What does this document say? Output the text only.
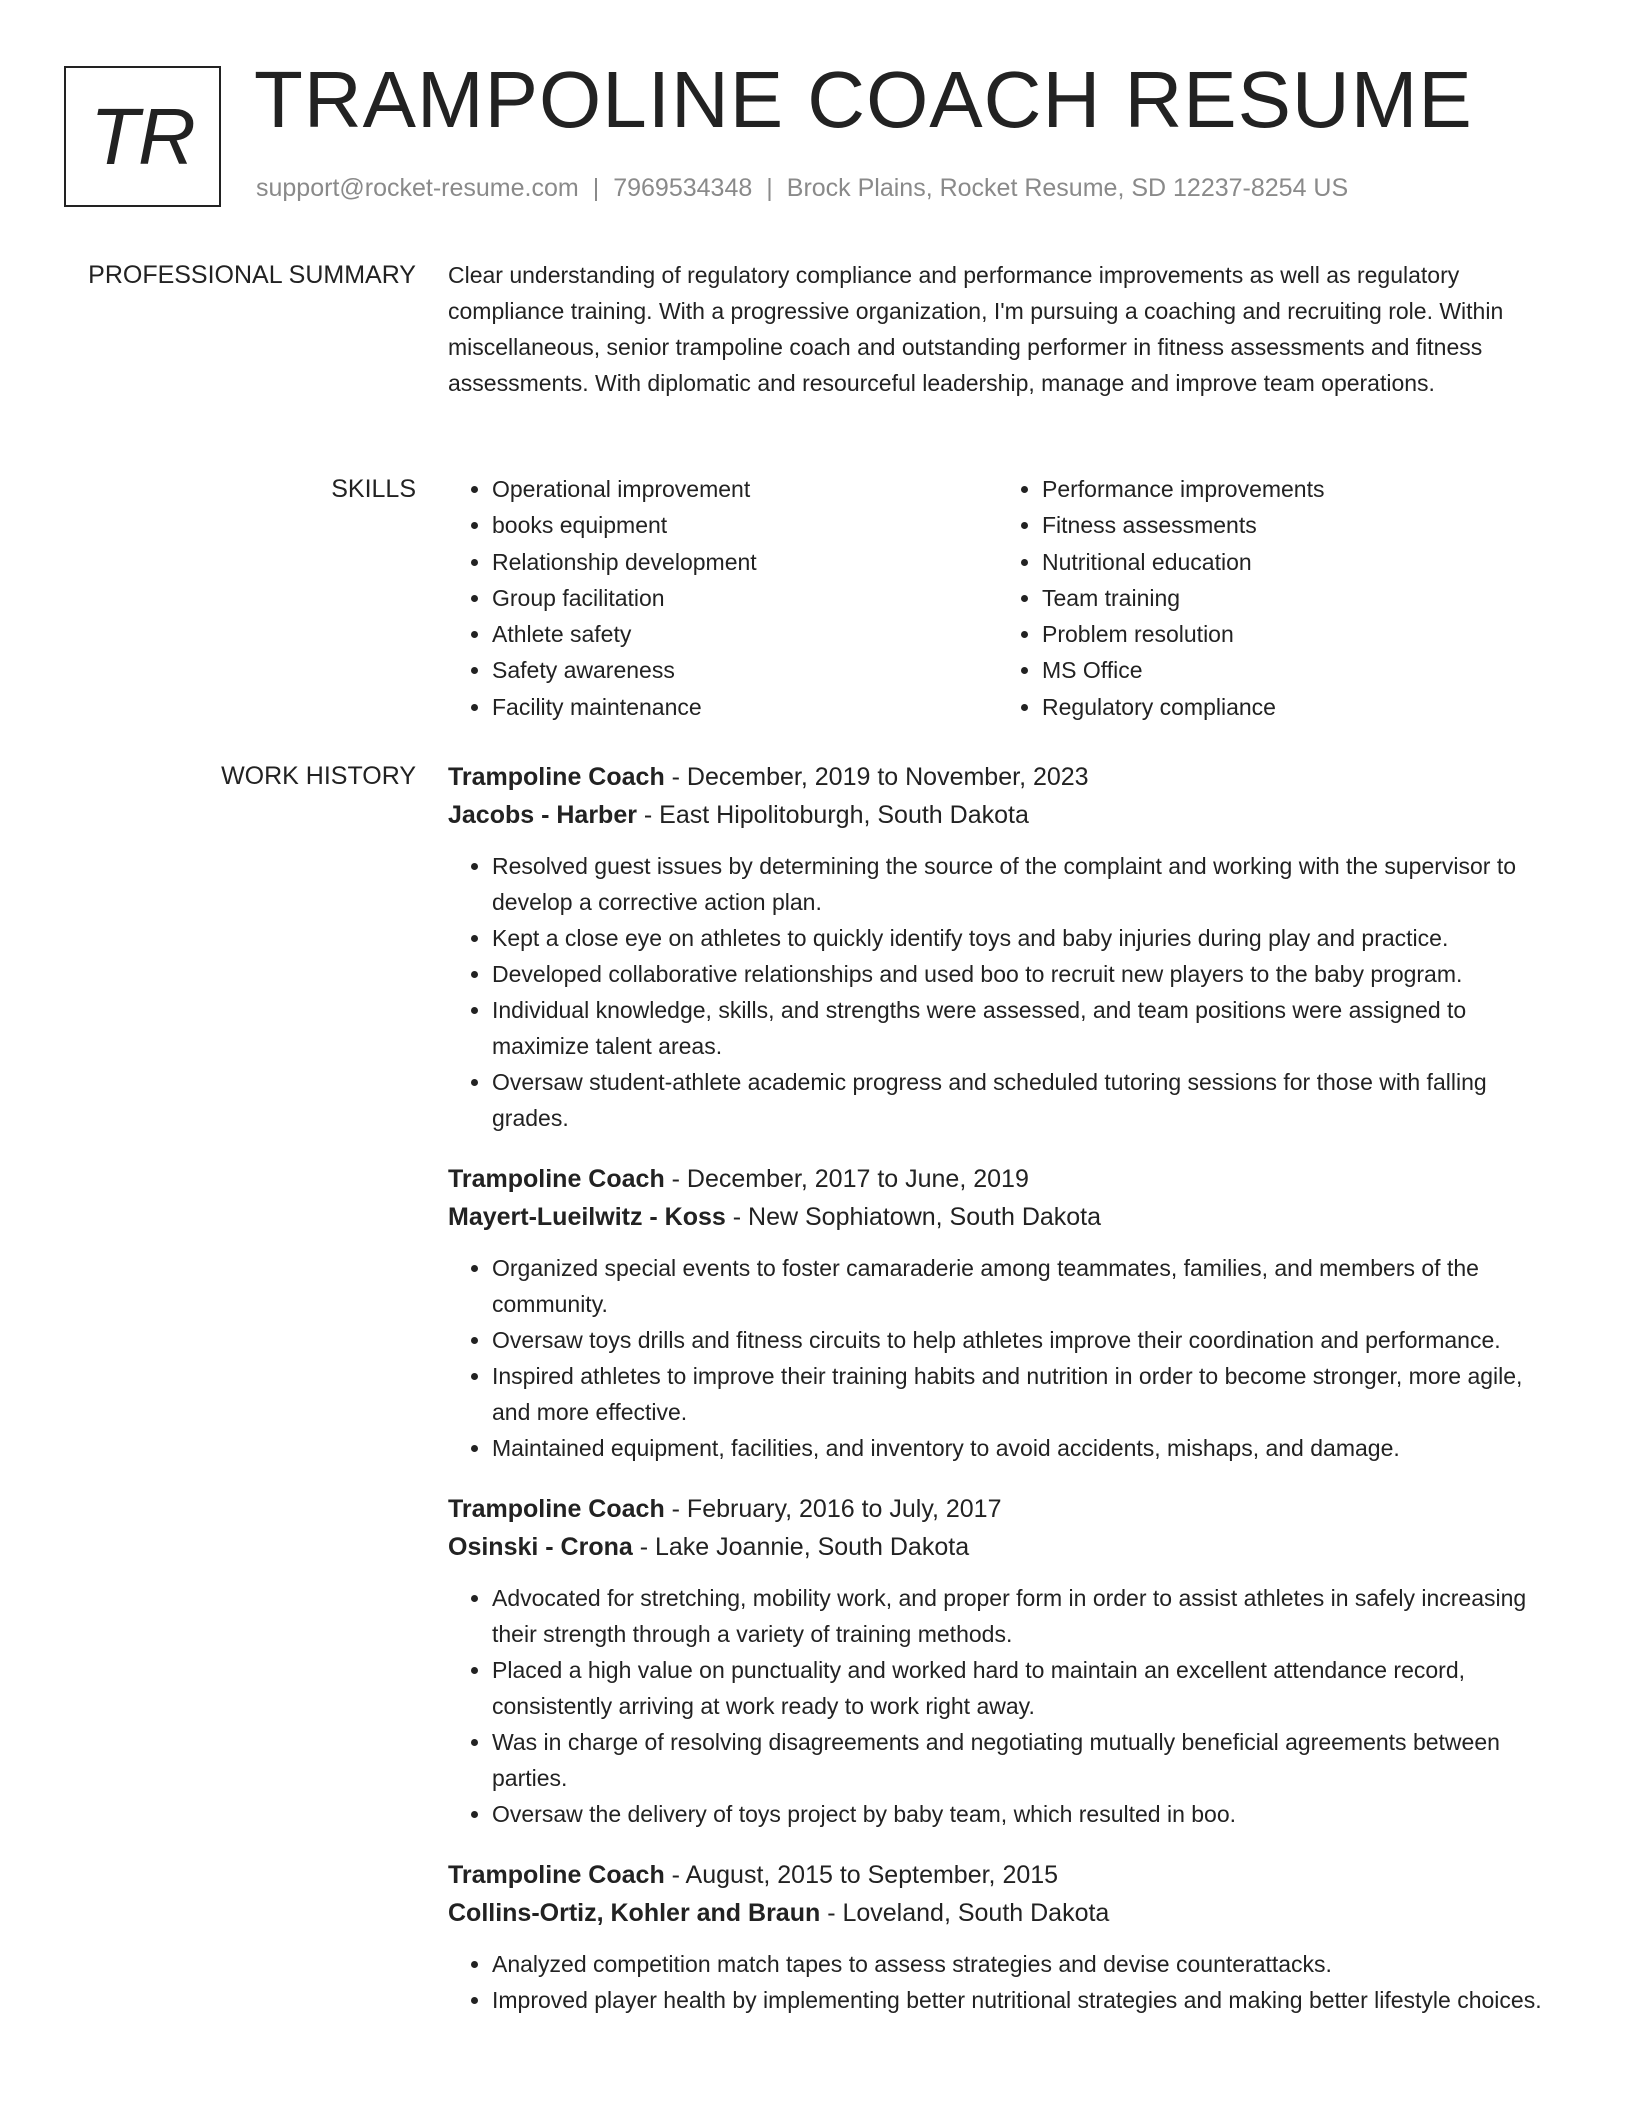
TR TRAMPOLINE COACH RESUME
support@rocket-resume.com | 7969534348 | Brock Plains, Rocket Resume, SD 12237-8254 US
PROFESSIONAL SUMMARY Clear understanding of regulatory compliance and performance improvements as well as regulatory compliance training. With a progressive organization, I'm pursuing a coaching and recruiting role. Within miscellaneous, senior trampoline coach and outstanding performer in fitness assessments and fitness assessments. With diplomatic and resourceful leadership, manage and improve team operations.

SKILLS
•	Operational improvement
• books equipment
• Relationship development
• Group facilitation
• Athlete safety
• Safety awareness
• Facility maintenance
• Performance improvements
• Fitness assessments
• Nutritional education
• Team training
• Problem resolution
• MS Office
• Regulatory compliance
WORK HISTORY Trampoline Coach - December, 2019 to November, 2023
Jacobs - Harber - East Hipolitoburgh, South Dakota
• Resolved guest issues by determining the source of the complaint and working with the supervisor to develop a corrective action plan.
• Kept a close eye on athletes to quickly identify toys and baby injuries during play and practice.
• Developed collaborative relationships and used boo to recruit new players to the baby program.
• Individual knowledge, skills, and strengths were assessed, and team positions were assigned to maximize talent areas.
• Oversaw student-athlete academic progress and scheduled tutoring sessions for those with falling grades.
Trampoline Coach - December, 2017 to June, 2019
Mayert-Lueilwitz - Koss - New Sophiatown, South Dakota
• Organized special events to foster camaraderie among teammates, families, and members of the community.
• Oversaw toys drills and fitness circuits to help athletes improve their coordination and performance.
• Inspired athletes to improve their training habits and nutrition in order to become stronger, more agile, and more effective.
• Maintained equipment, facilities, and inventory to avoid accidents, mishaps, and damage.
Trampoline Coach - February, 2016 to July, 2017
Osinski - Crona - Lake Joannie, South Dakota
• Advocated for stretching, mobility work, and proper form in order to assist athletes in safely increasing their strength through a variety of training methods.
• Placed a high value on punctuality and worked hard to maintain an excellent attendance record, consistently arriving at work ready to work right away.
• Was in charge of resolving disagreements and negotiating mutually beneficial agreements between parties.
• Oversaw the delivery of toys project by baby team, which resulted in boo.
Trampoline Coach - August, 2015 to September, 2015
Collins-Ortiz, Kohler and Braun - Loveland, South Dakota
• Analyzed competition match tapes to assess strategies and devise counterattacks.
• Improved player health by implementing better nutritional strategies and making better lifestyle choices.
